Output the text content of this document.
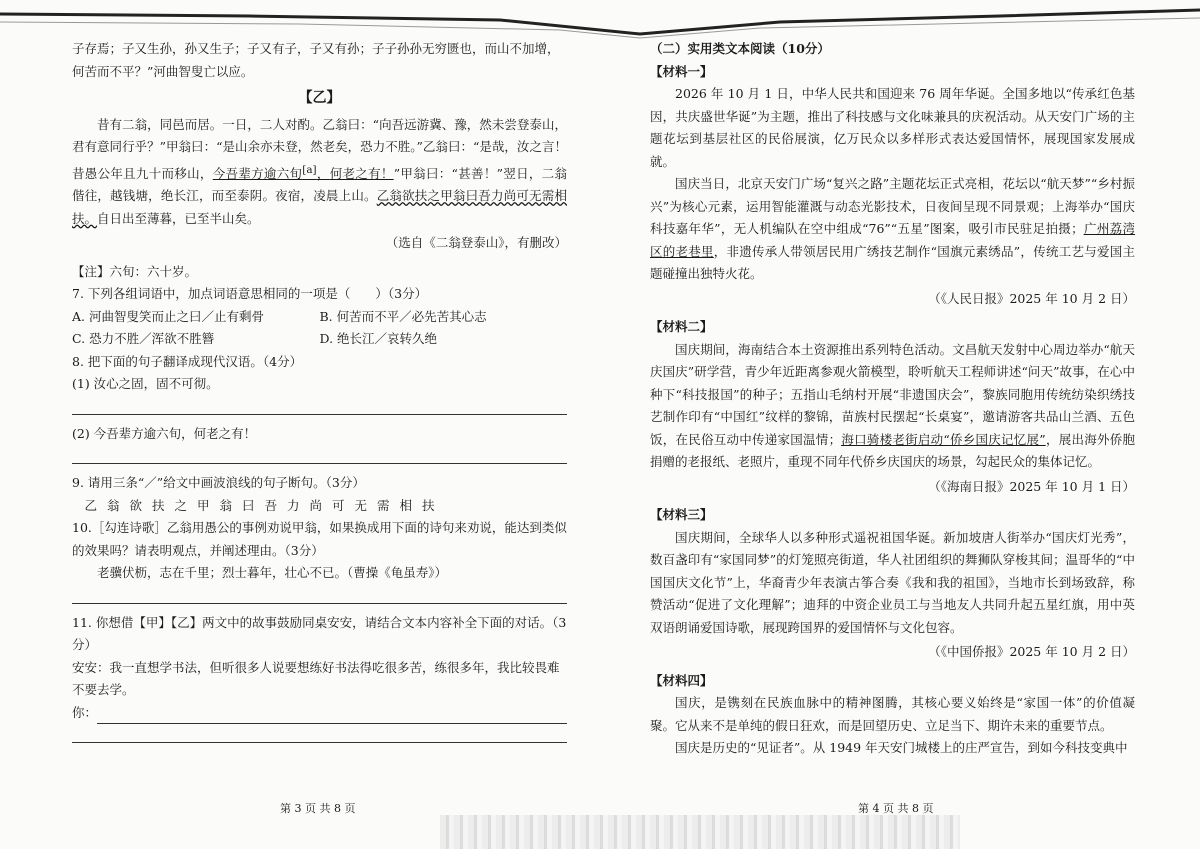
子存焉；子又生孙，孙又生子；子又有子，子又有孙；子子孙孙无穷匮也，而山不加增，

何苦而不平？”河曲智叟亡以应。

【乙】

昔有二翁，同邑而居。一日，二人对酌。乙翁曰：“向吾远游冀、豫，然未尝登泰山，君有意同行乎？”甲翁曰：“是山余亦未登，然老矣，恐力不胜。”乙翁曰：“是哉，汝之言！昔愚公年且九十而移山，今吾辈方逾六旬[a]，何老之有！”甲翁曰：“甚善！”翌日，二翁偕往，越钱塘，绝长江，而至泰阴。夜宿，凌晨上山。乙翁欲扶之甲翁曰吾力尚可无需相扶。自日出至薄暮，已至半山矣。

（选自《二翁登泰山》，有删改）

【注】六旬：六十岁。

7. 下列各组词语中，加点词语意思相同的一项是（　　）（3分）

A. 河曲智叟笑而止之曰／止有剩骨	B. 何苦而不平／必先苦其心志
C. 恐力不胜／浑欲不胜簪	D. 绝长江／哀转久绝

8. 把下面的句子翻译成现代汉语。（4分）

(1) 汝心之固，固不可彻。

(2) 今吾辈方逾六旬，何老之有！

9. 请用三条“／”给文中画波浪线的句子断句。（3分）

乙翁欲扶之甲翁曰吾力尚可无需相扶

10.［勾连诗歌］乙翁用愚公的事例劝说甲翁，如果换成用下面的诗句来劝说，能达到类似的效果吗？请表明观点，并阐述理由。（3分）

老骥伏枥，志在千里；烈士暮年，壮心不已。（曹操《龟虽寿》）

11. 你想借【甲】【乙】两文中的故事鼓励同桌安安，请结合文本内容补全下面的对话。（3分）

安安：我一直想学书法，但听很多人说要想练好书法得吃很多苦，练很多年，我比较畏难不要去学。

你：
第 3 页 共 8 页

（二）实用类文本阅读（10分）

【材料一】

2026 年 10 月 1 日，中华人民共和国迎来 76 周年华诞。全国多地以“传承红色基因，共庆盛世华诞”为主题，推出了科技感与文化味兼具的庆祝活动。从天安门广场的主题花坛到基层社区的民俗展演，亿万民众以多样形式表达爱国情怀，展现国家发展成就。

国庆当日，北京天安门广场“复兴之路”主题花坛正式亮相，花坛以“航天梦”“乡村振兴”为核心元素，运用智能灌溉与动态光影技术，日夜间呈现不同景观；上海举办“国庆科技嘉年华”，无人机编队在空中组成“76”“五星”图案，吸引市民驻足拍摄；广州荔湾区的老巷里，非遗传承人带领居民用广绣技艺制作“国旗元素绣品”，传统工艺与爱国主题碰撞出独特火花。

（《人民日报》2025 年 10 月 2 日）

【材料二】

国庆期间，海南结合本土资源推出系列特色活动。文昌航天发射中心周边举办“航天庆国庆”研学营，青少年近距离参观火箭模型，聆听航天工程师讲述“问天”故事，在心中种下“科技报国”的种子；五指山毛纳村开展“非遗国庆会”，黎族同胞用传统纺染织绣技艺制作印有“中国红”纹样的黎锦，苗族村民摆起“长桌宴”，邀请游客共品山兰酒、五色饭，在民俗互动中传递家国温情；海口骑楼老街启动“侨乡国庆记忆展”，展出海外侨胞捐赠的老报纸、老照片，重现不同年代侨乡庆国庆的场景，勾起民众的集体记忆。

（《海南日报》2025 年 10 月 1 日）

【材料三】

国庆期间，全球华人以多种形式遥祝祖国华诞。新加坡唐人街举办“国庆灯光秀”，数百盏印有“家国同梦”的灯笼照亮街道，华人社团组织的舞狮队穿梭其间；温哥华的“中国国庆文化节”上，华裔青少年表演古筝合奏《我和我的祖国》，当地市长到场致辞，称赞活动“促进了文化理解”；迪拜的中资企业员工与当地友人共同升起五星红旗，用中英双语朗诵爱国诗歌，展现跨国界的爱国情怀与文化包容。

（《中国侨报》2025 年 10 月 2 日）

【材料四】

国庆，是镌刻在民族血脉中的精神图腾，其核心要义始终是“家国一体”的价值凝聚。它从来不是单纯的假日狂欢，而是回望历史、立足当下、期许未来的重要节点。

国庆是历史的“见证者”。从 1949 年天安门城楼上的庄严宣告，到如今科技变典中

第 4 页 共 8 页
